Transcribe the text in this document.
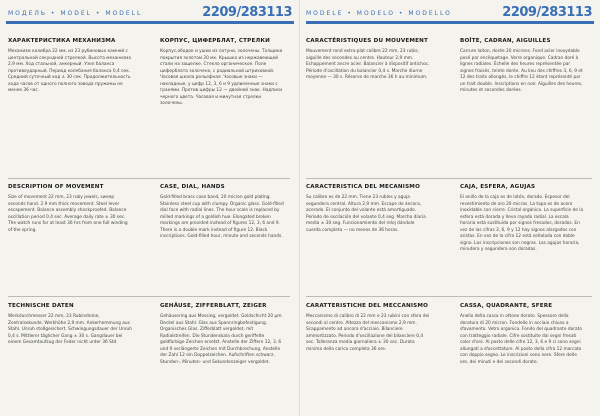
МОДЕЛЬ • MODEL • MODELL	2209/283113
ХАРАКТЕРИСТИКА МЕХАНИЗМА
Механизм калибра 22 мм, из 23 рубиновых камней с центральной секундной стрелкой. Высота механизма 2,9 мм. Ход стальной, анкерный. Узел баланса противоударный. Период колебания баланса 0,4 сек. Средний суточный ход ± 30 сек. Продолжительность хода часов от одного полного завода пружины не менее 36 час.
КОРПУС, ЦИФЕРБЛАТ, СТРЕЛКИ
Корпус,ободок и ушки из латуни, золочены. Толщина покрытия золотом 20 мк. Крышка из нержавеющей стали на защелке. Стекло органическое. Поле циферблата золочено, с радиальной штриховкой. Часовая шкала рельефная. Часовые знаки — накладные, у цифр 12, 3, 6 и 9 удлиненные знаки с гранями. Против цифры 12 — двойной знак. Надписи черного цвета. Часовая и минутная стрелки золочены.
DESCRIPTION OF MOVEMENT
Size of movement 22 mm, 23 ruby jewels, sweep seconds hand. 2.9 mm thick movement. Steel lever escapement. Balance assembly shockproofed. Balance oscillation period 0.4 sec. Average daily rate ± 30 sec. The watch runs for at least 36 hrs from one full winding of the spring.
CASE, DIAL, HANDS
Gold-filled brass case band, 20 micron gold plating. Stainless steel cup with clumpy. Organic glass. Gold-filled dial face with radial lines. The hour scale is replaced by milled markings of a goldish hue. Elongated broken markings are provided instead of figures 12, 3, 6 and 9. There is a double mark instead of figure 12. Black inscriptions. Gold-filled hour, minute and seconds hands.
TECHNISCHE DATEN
Werkdurchmesser 22 mm, 23 Rubinsteine, Zentralsekunde. Werkhöhe 2,9 mm. Ankerhemmung aus Stahl. Unruh stoßgesichert. Schwingungsdauer der Unruh 0,4 s. Mittlerer täglicher Gang ± 30 s. Gangdauer bei einem Gesamtaufzug der Feder nicht unter 36 Std.
GEHÄUSE, ZIFFERBLATT, ZEIGER
Gehäusering aus Messing, vergoldet. Goldschicht 20 µm. Deckel aus Stahl. Glas aus Spannringbefestigung. Organisches Glas. Zifferblatt vergoldet, mit Radialstreifen. Die Stundenskala durch geriffelte goldfarbige Zeichen ersetzt. Anstelle der Ziffern 12, 3, 6 und 9 verlängerte Zeichen mit Durchbrechung. Anstelle der Zahl 12 ein Doppelzeichen. Aufschriften schwarz. Stunden-, Minuten- und Sekundenzeiger vergoldet.
MODELE • MODELO • MODELLO	2209/283113
CARACTÉRISTIQUES DU MOUVEMENT
Mouvement rond extra-plat calibre 22 mm, 23 rubis, aiguille des secondes au centre. Hauteur 2,9 mm. Echappement ancre acier. Balancier à dispositif antichoc. Période d'oscillation du balancier 0,4 s. Marche diurne moyenne — 30 s. Réserve de marche 36 h au minimum.
BOÎTE, CADRAN, AIGUILLES
Carrure laiton, dorée 20 microns. Fond acier inoxydable posé par encliquetage. Verre organique. Cadran doré à lignes radiales. Échelle des heures représentée par signes fraisés, teinte dorée. Au lieu des chiffres 3, 6, 9 et 12 des traits allongés, le chiffre 12 étant représenté par un trait double. Inscriptions en noir. Aiguilles des heures, minutes et secondes dorées.
CARACTERISTICA DEL MECANISMO
Su calibre es de 22 mm. Tiene 23 rubíes y aguja segundera central. Altura 2,9 mm. Escape de áncora, acerado. El conjunto del volante está amortiguado. Período de oscilación del volante 0,4 seg. Marcha diaria media ± 30 seg. Funcionamiento del reloj dándole cuerda completa — no menos de 36 horas.
CAJA, ESFERA, AGUJAS
El anillo de la caja es de latón, dorado. Espesor del revestimiento de oro 20 micras. La tapa es de acero inoxidable con cierre. Cristal orgánico. La superficie de la esfera está dorada y lleva rayado radial. La escala horaria está sustituida por signos fresados, dorados. En vez de las cifras 3, 6, 9 y 12 hay signos alargados con aristas. En vez de la cifra 12 está señalada con doble signo. Las inscripciones son negras. Las agujas horaria, minutera y segundera son doradas.
CARATTERISTICHE DEL MECCANISMO
Meccanismo di calibro di 22 mm e 23 rubini con sfera dei secondi al centro. Altezza del meccanismo 2,9 mm. Scappamento ad ancora d'acciaio. Bilanciere ammortizzato. Periodo d'oscillazione del bilanciere 0,4 sec. Tolleranza media giornaliera ± 30 sec. Durata minima della carica completa 36 ore.
CASSA, QUADRANTE, SFERE
Anello della cassa in ottone dorato. Spessore della doratura di 20 micron. Fondello in acciaio chiuso a sfavamento. Vetro organico. Fondo del quadrante dorato con tratteggio radiale. Cifre sostituite dai segni fresati color d'oro. Al posto delle cifre 12, 3, 6 e 9 ci sono segni allungati a sfaccettature. Al posto della cifra 12 marcato con doppio segno. Le inscrizioni sono nere. Sfere delle ore, dei minuti e dei secondi dorate.
